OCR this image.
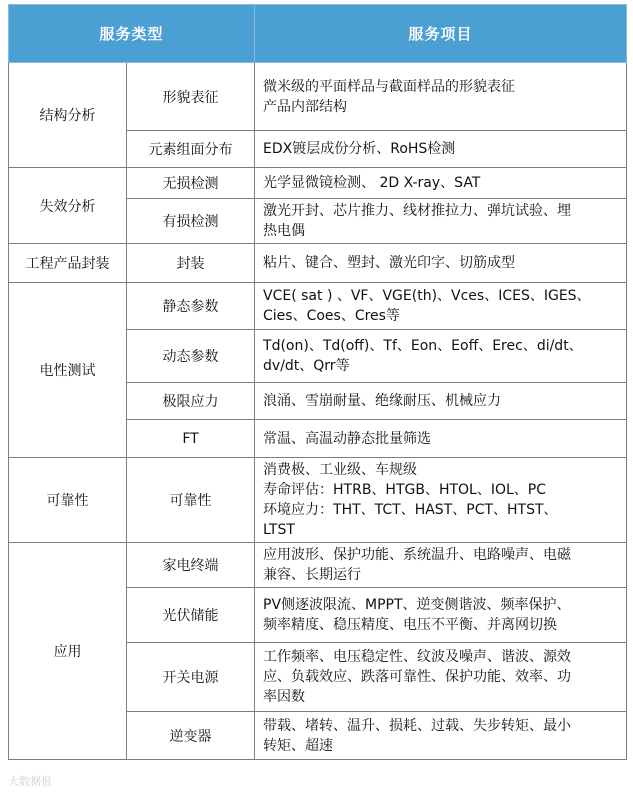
服务类型		服务项目
结构分析	形貌表征	微米级的平面样品与截面样品的形貌表征
产品内部结构

	元素组面分布	EDX镀层成份分析、RoHS检测

失效分析	无损检测	光学显微镜检测、 2D X-ray、SAT

	有损检测	激光开封、芯片推力、线材推拉力、弹坑试验、埋
热电偶

工程产品封装	封装	粘片、键合、塑封、激光印字、切筋成型

电性测试	静态参数	VCE( sat ) 、VF、VGE(th)、Vces、ICES、IGES、
Cies、Coes、Cres等

	动态参数	Td(on)、Td(off)、Tf、Eon、Eoff、Erec、di/dt、
dv/dt、Qrr等

	极限应力	浪涌、雪崩耐量、绝缘耐压、机械应力

	FT	常温、高温动静态批量筛选

可靠性	可靠性	消费极、工业级、车规级
寿命评估：HTRB、HTGB、HTOL、IOL、PC
环境应力：THT、TCT、HAST、PCT、HTST、
LTST

应用	家电终端	应用波形、保护功能、系统温升、电路噪声、电磁
兼容、长期运行

	光伏储能	PV侧逐波限流、MPPT、逆变侧谐波、频率保护、
频率精度、稳压精度、电压不平衡、并离网切换

	开关电源	工作频率、电压稳定性、纹波及噪声、谐波、源效
应、负载效应、跌落可靠性、保护功能、效率、功
率因数

	逆变器	带载、堵转、温升、损耗、过载、失步转矩、最小
转矩、超速
大数据报
